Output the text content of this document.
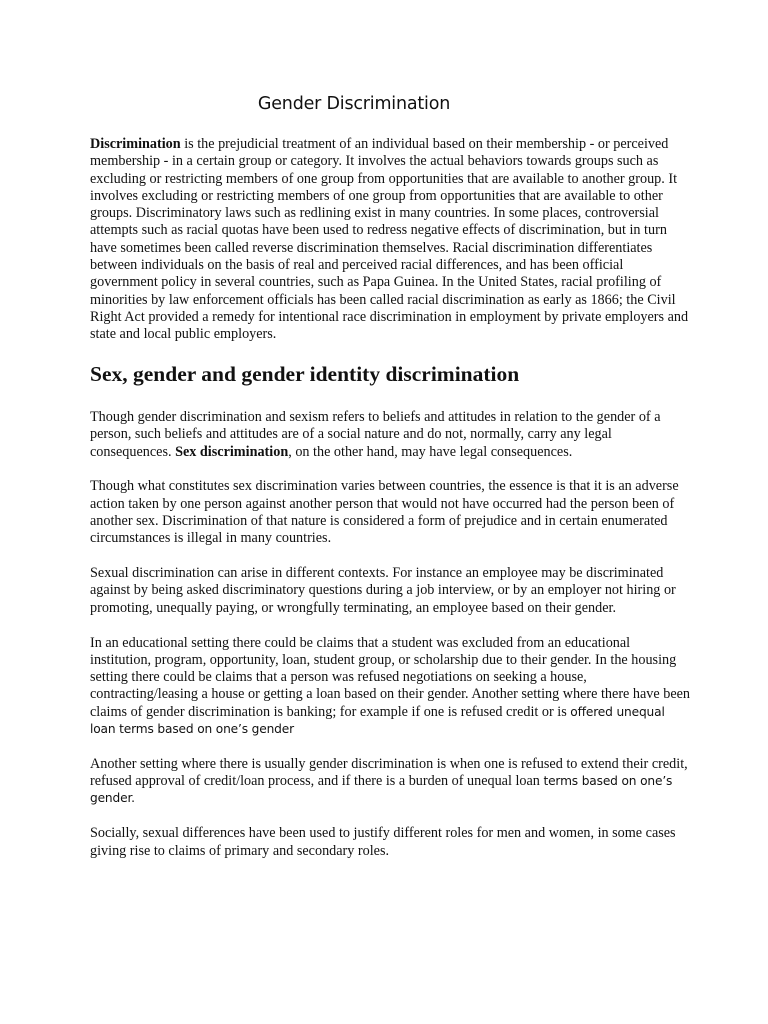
Gender Discrimination

Discrimination is the prejudicial treatment of an individual based on their membership - or perceived membership - in a certain group or category. It involves the actual behaviors towards groups such as excluding or restricting members of one group from opportunities that are available to another group. It involves excluding or restricting members of one group from opportunities that are available to other groups. Discriminatory laws such as redlining exist in many countries. In some places, controversial attempts such as racial quotas have been used to redress negative effects of discrimination, but in turn have sometimes been called reverse discrimination themselves. Racial discrimination differentiates between individuals on the basis of real and perceived racial differences, and has been official government policy in several countries, such as Papa Guinea. In the United States, racial profiling of minorities by law enforcement officials has been called racial discrimination as early as 1866; the Civil Right Act provided a remedy for intentional race discrimination in employment by private employers and state and local public employers.

Sex, gender and gender identity discrimination

Though gender discrimination and sexism refers to beliefs and attitudes in relation to the gender of a person, such beliefs and attitudes are of a social nature and do not, normally, carry any legal consequences. Sex discrimination, on the other hand, may have legal consequences.

Though what constitutes sex discrimination varies between countries, the essence is that it is an adverse action taken by one person against another person that would not have occurred had the person been of another sex. Discrimination of that nature is considered a form of prejudice and in certain enumerated circumstances is illegal in many countries.

Sexual discrimination can arise in different contexts. For instance an employee may be discriminated against by being asked discriminatory questions during a job interview, or by an employer not hiring or promoting, unequally paying, or wrongfully terminating, an employee based on their gender.

In an educational setting there could be claims that a student was excluded from an educational institution, program, opportunity, loan, student group, or scholarship due to their gender. In the housing setting there could be claims that a person was refused negotiations on seeking a house, contracting/leasing a house or getting a loan based on their gender. Another setting where there have been claims of gender discrimination is banking; for example if one is refused credit or is offered unequal loan terms based on one’s gender

Another setting where there is usually gender discrimination is when one is refused to extend their credit, refused approval of credit/loan process, and if there is a burden of unequal loan terms based on one’s gender.

Socially, sexual differences have been used to justify different roles for men and women, in some cases giving rise to claims of primary and secondary roles.
